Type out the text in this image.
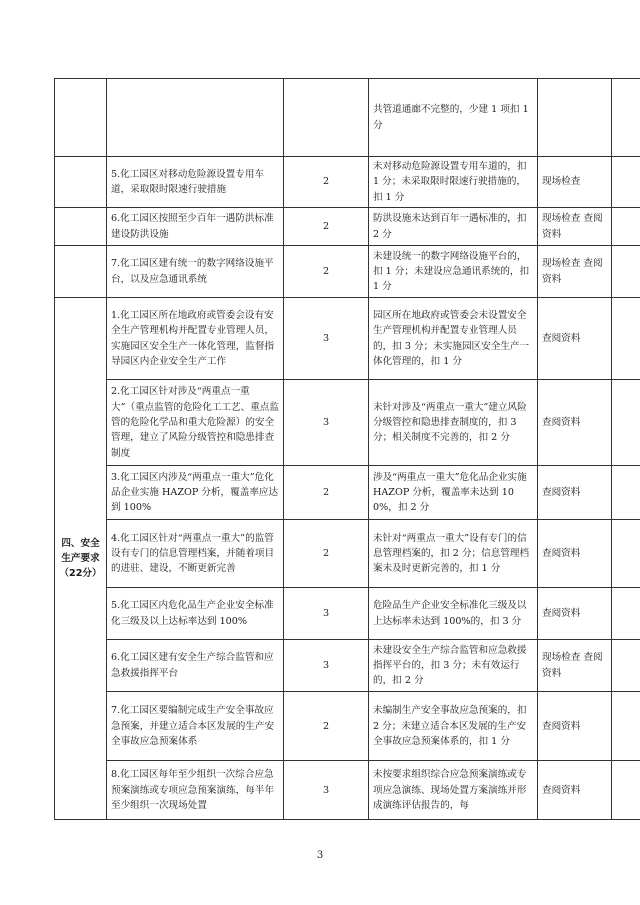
			共管道通廊不完整的，少建 1 项扣 1 分		
	5.化工园区对移动危险源设置专用车道，采取限时限速行驶措施	2	未对移动危险源设置专用车道的，扣 1 分；未采取限时限速行驶措施的，扣 1 分	现场检查	
	6.化工园区按照至少百年一遇防洪标准建设防洪设施	2	防洪设施未达到百年一遇标准的，扣 2 分	现场检查 查阅资料	
	7.化工园区建有统一的数字网络设施平台，以及应急通讯系统	2	未建设统一的数字网络设施平台的，扣 1 分；未建设应急通讯系统的，扣 1 分	现场检查 查阅资料	
四、安全生产要求（22分）	1.化工园区所在地政府或管委会设有安全生产管理机构并配置专业管理人员，实施园区安全生产一体化管理，监督指导园区内企业安全生产工作	3	园区所在地政府或管委会未设置安全生产管理机构并配置专业管理人员的，扣 3 分；未实施园区安全生产一体化管理的，扣 1 分	查阅资料	
	2.化工园区针对涉及“两重点一重大”（重点监管的危险化工工艺、重点监管的危险化学品和重大危险源）的安全管理，建立了风险分级管控和隐患排查制度	3	未针对涉及“两重点一重大”建立风险分级管控和隐患排查制度的，扣 3 分；相关制度不完善的，扣 2 分	查阅资料	
	3.化工园区内涉及“两重点一重大”危化品企业实施 HAZOP 分析，覆盖率应达到 100%	2	涉及“两重点一重大”危化品企业实施 HAZOP 分析，覆盖率未达到 100%，扣 2 分	查阅资料	
	4.化工园区针对“两重点一重大”的监管设有专门的信息管理档案，并随着项目的进驻、建设，不断更新完善	2	未针对“两重点一重大”设有专门的信息管理档案的，扣 2 分；信息管理档案未及时更新完善的，扣 1 分	查阅资料	
	5.化工园区内危化品生产企业安全标准化三级及以上达标率达到 100%	3	危险品生产企业安全标准化三级及以上达标率未达到 100%的，扣 3 分	查阅资料	
	6.化工园区建有安全生产综合监管和应急救援指挥平台	3	未建设安全生产综合监管和应急救援指挥平台的，扣 3 分；未有效运行的，扣 2 分	现场检查 查阅资料	
	7.化工园区要编制完成生产安全事故应急预案，并建立适合本区发展的生产安全事故应急预案体系	2	未编制生产安全事故应急预案的，扣 2 分；未建立适合本区发展的生产安全事故应急预案体系的，扣 1 分	查阅资料	
	8.化工园区每年至少组织一次综合应急预案演练或专项应急预案演练，每半年至少组织一次现场处置	3	未按要求组织综合应急预案演练或专项应急演练、现场处置方案演练并形成演练评估报告的，每	查阅资料	
3
